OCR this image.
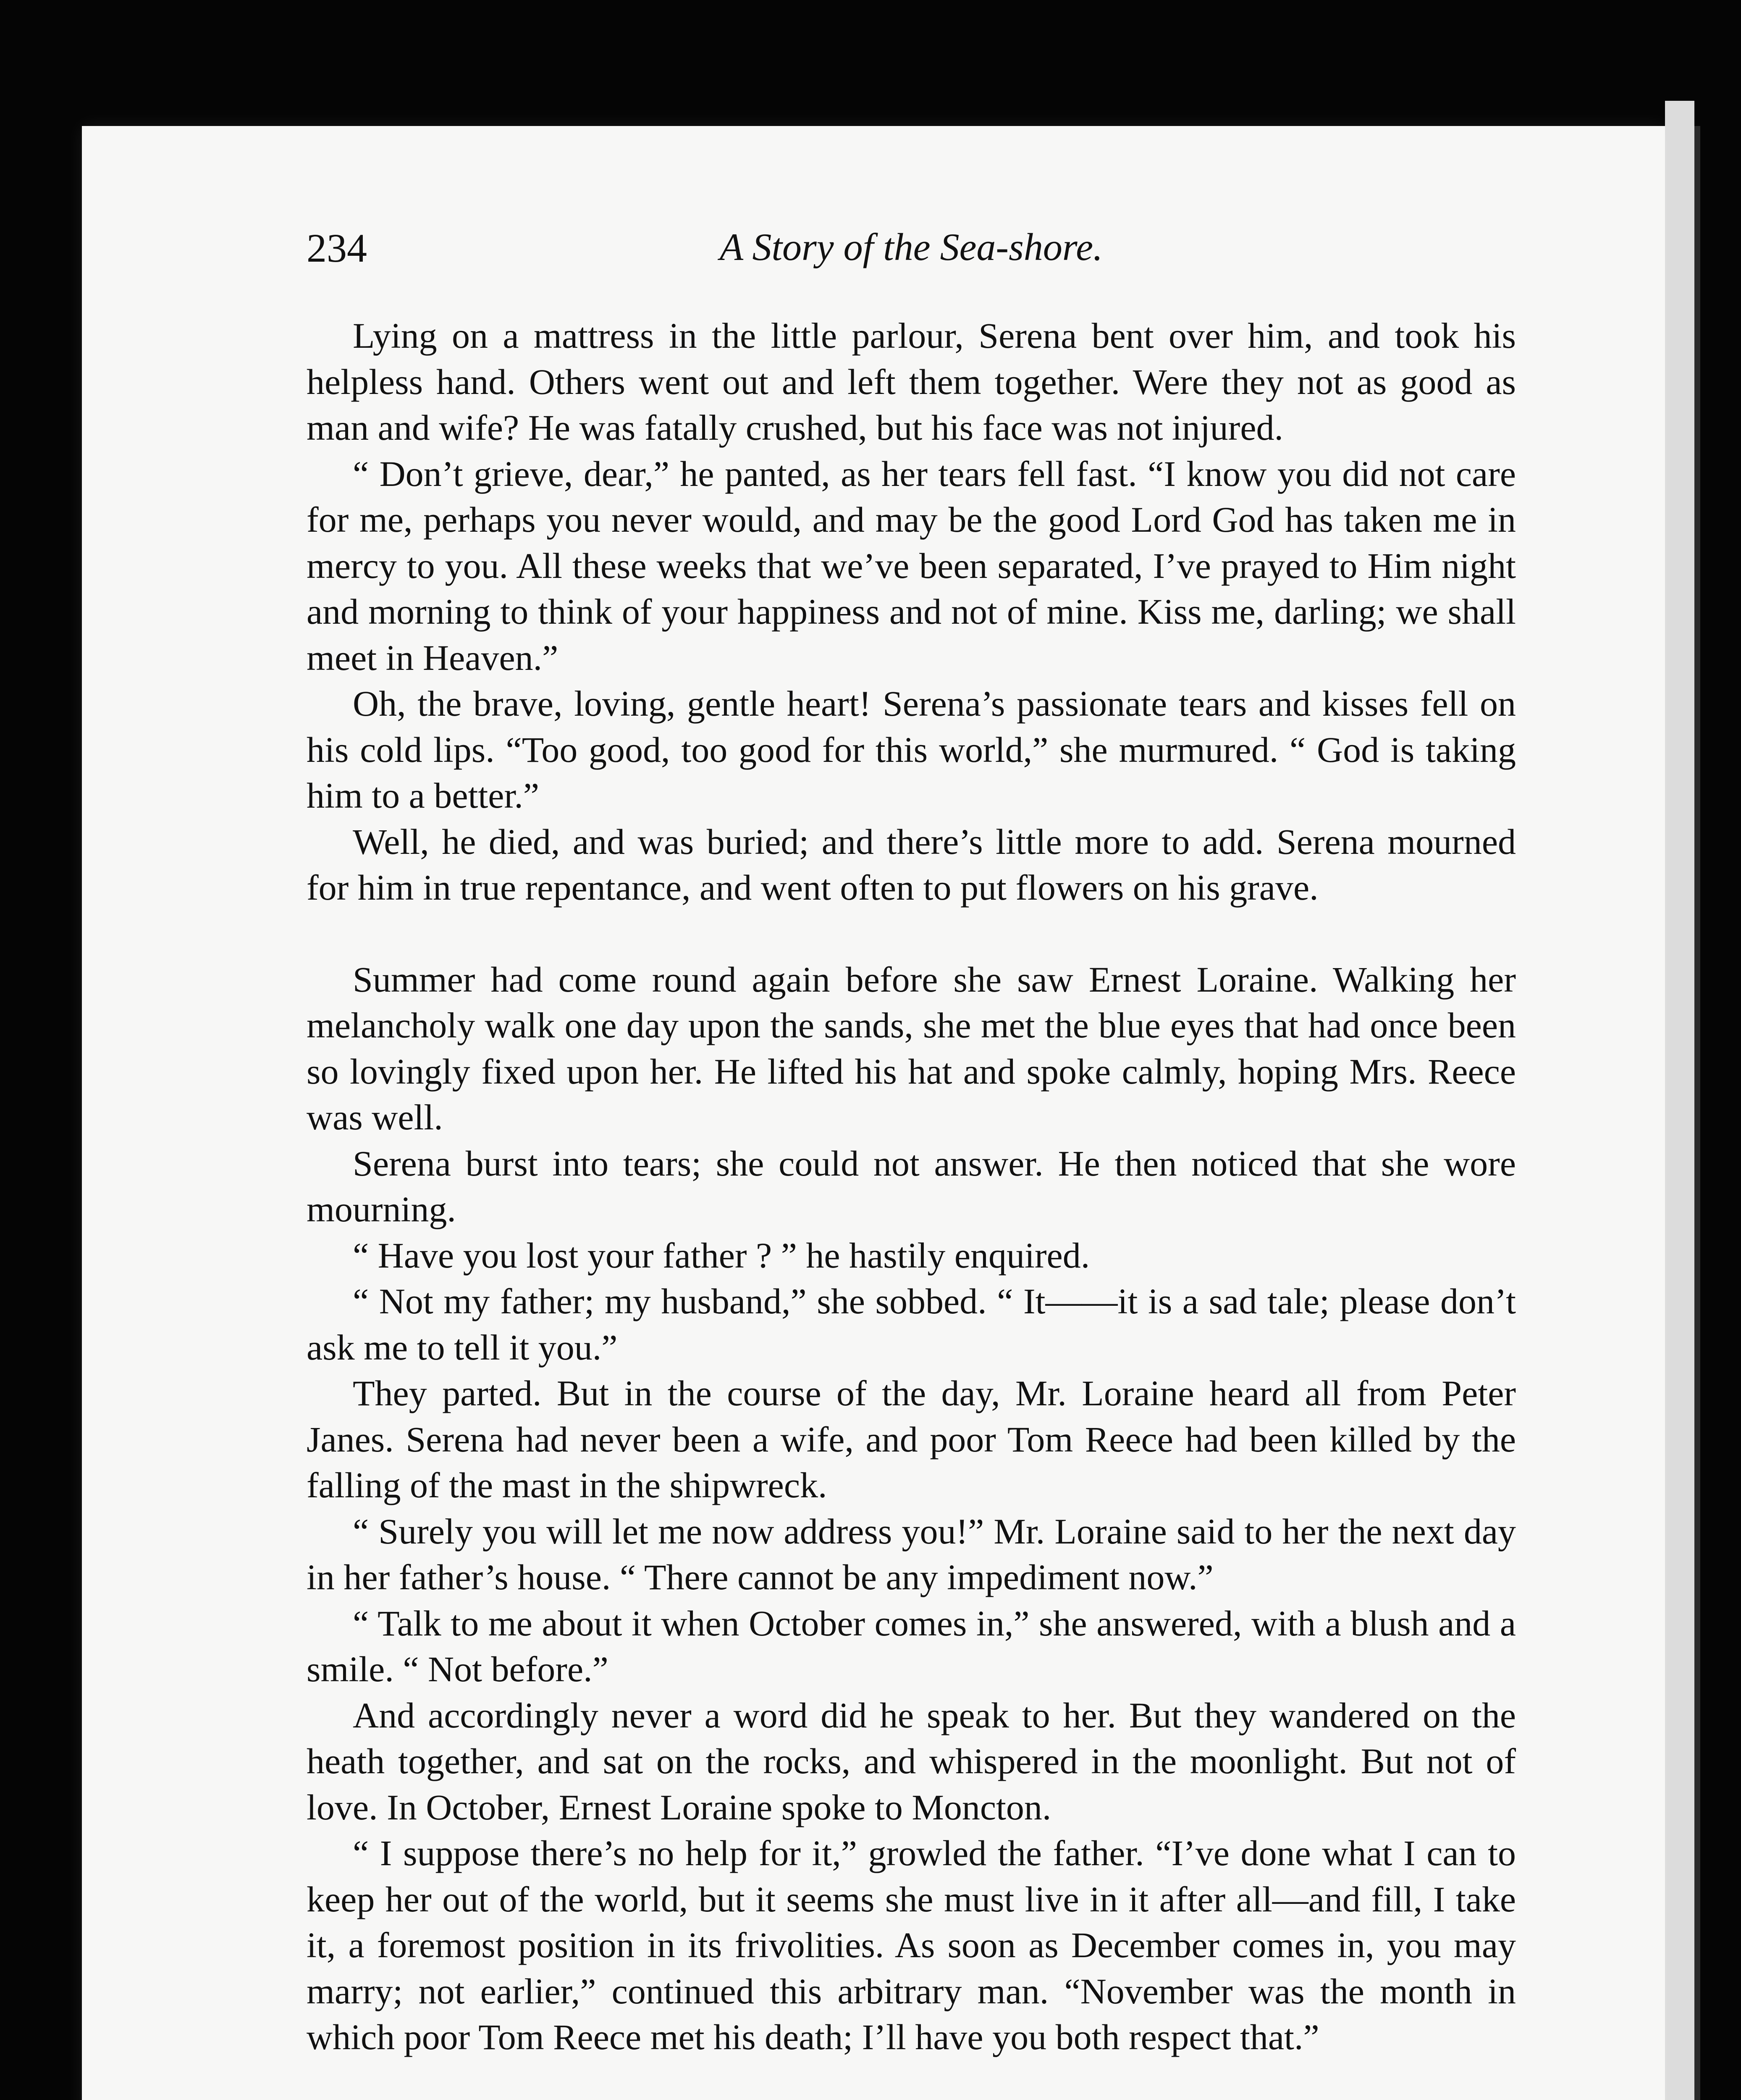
234	A Story of the Sea-shore.

Lying on a mattress in the little parlour, Serena bent over him, and took his helpless hand. Others went out and left them together. Were they not as good as man and wife? He was fatally crushed, but his face was not injured.

“ Don’t grieve, dear,” he panted, as her tears fell fast. “I know you did not care for me, perhaps you never would, and may be the good Lord God has taken me in mercy to you. All these weeks that we’ve been separated, I’ve prayed to Him night and morning to think of your happiness and not of mine. Kiss me, darling; we shall meet in Heaven.”

Oh, the brave, loving, gentle heart! Serena’s passionate tears and kisses fell on his cold lips. “Too good, too good for this world,” she murmured. “ God is taking him to a better.”

Well, he died, and was buried; and there’s little more to add. Serena mourned for him in true repentance, and went often to put flowers on his grave.

Summer had come round again before she saw Ernest Loraine. Walking her melancholy walk one day upon the sands, she met the blue eyes that had once been so lovingly fixed upon her. He lifted his hat and spoke calmly, hoping Mrs. Reece was well.

Serena burst into tears; she could not answer. He then noticed that she wore mourning.

“ Have you lost your father ? ” he hastily enquired.

“ Not my father; my husband,” she sobbed. “ It——it is a sad tale; please don’t ask me to tell it you.”

They parted. But in the course of the day, Mr. Loraine heard all from Peter Janes. Serena had never been a wife, and poor Tom Reece had been killed by the falling of the mast in the shipwreck.

“ Surely you will let me now address you!” Mr. Loraine said to her the next day in her father’s house. “ There cannot be any impediment now.”

“ Talk to me about it when October comes in,” she answered, with a blush and a smile. “ Not before.”

And accordingly never a word did he speak to her. But they wandered on the heath together, and sat on the rocks, and whispered in the moonlight. But not of love. In October, Ernest Loraine spoke to Moncton.

“ I suppose there’s no help for it,” growled the father. “I’ve done what I can to keep her out of the world, but it seems she must live in it after all—and fill, I take it, a foremost position in its frivolities. As soon as December comes in, you may marry; not earlier,” continued this arbitrary man. “November was the month in which poor Tom Reece met his death; I’ll have you both respect that.”
